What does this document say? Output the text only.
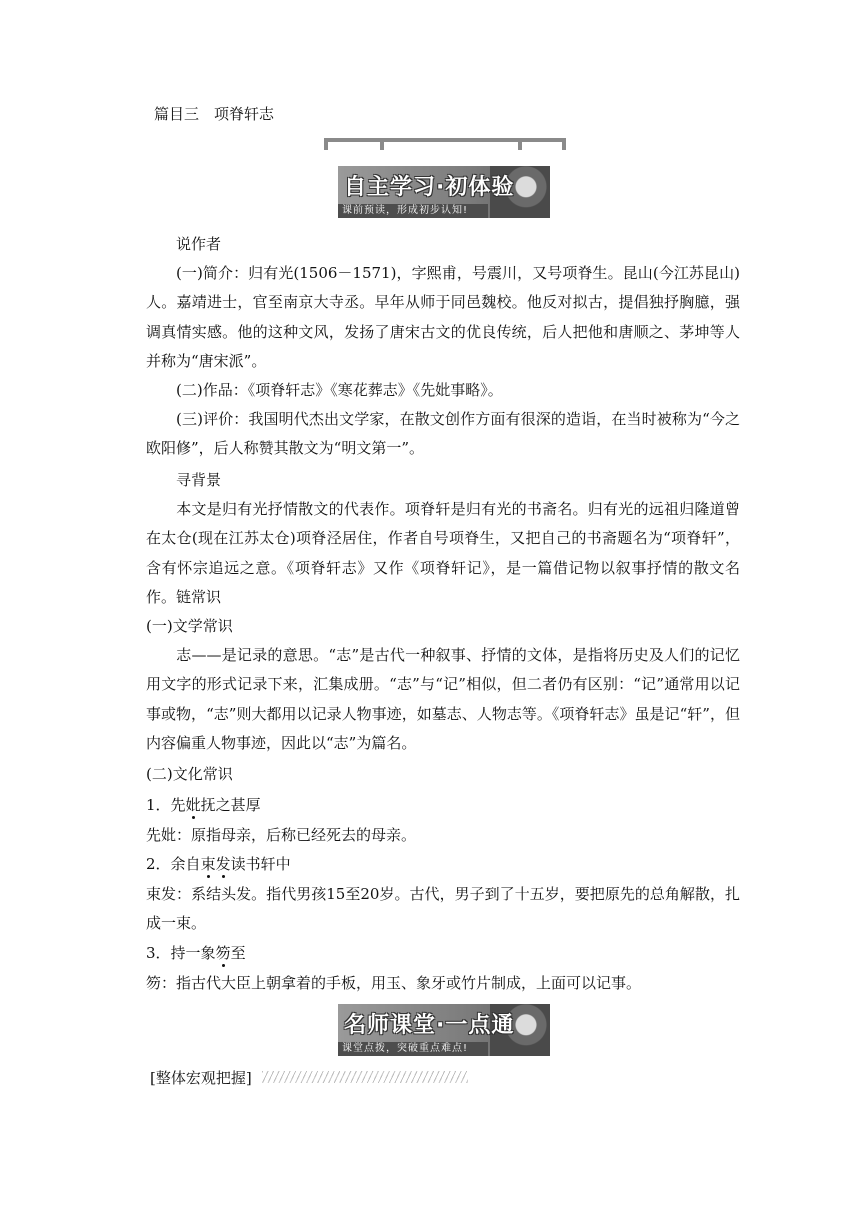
篇目三　项脊轩志
自主学习·初体验
课前预读，形成初步认知!
说作者
(一)简介：归有光(1506－1571)，字熙甫，号震川，又号项脊生。昆山(今江苏昆山)人。嘉靖进士，官至南京大寺丞。早年从师于同邑魏校。他反对拟古，提倡独抒胸臆，强调真情实感。他的这种文风，发扬了唐宋古文的优良传统，后人把他和唐顺之、茅坤等人并称为“唐宋派”。
(二)作品：《项脊轩志》《寒花葬志》《先妣事略》。
(三)评价：我国明代杰出文学家，在散文创作方面有很深的造诣，在当时被称为“今之欧阳修”，后人称赞其散文为“明文第一”。
寻背景
本文是归有光抒情散文的代表作。项脊轩是归有光的书斋名。归有光的远祖归隆道曾在太仓(现在江苏太仓)项脊泾居住，作者自号项脊生，又把自己的书斋题名为“项脊轩”，含有怀宗追远之意。《项脊轩志》又作《项脊轩记》，是一篇借记物以叙事抒情的散文名作。 链常识
(一)文学常识
志——是记录的意思。“志”是古代一种叙事、抒情的文体，是指将历史及人们的记忆用文字的形式记录下来，汇集成册。“志”与“记”相似，但二者仍有区别：“记”通常用以记事或物，“志”则大都用以记录人物事迹，如墓志、人物志等。《项脊轩志》虽是记“轩”，但内容偏重人物事迹，因此以“志”为篇名。
(二)文化常识
1．先妣抚之甚厚
先妣：原指母亲，后称已经死去的母亲。
2．余自束发读书轩中
束发：系结头发。指代男孩15至20岁。古代，男子到了十五岁，要把原先的总角解散，扎成一束。
3．持一象笏至
笏：指古代大臣上朝拿着的手板，用玉、象牙或竹片制成，上面可以记事。
名师课堂·一点通
课堂点拨，突破重点难点!
[整体宏观把握]
